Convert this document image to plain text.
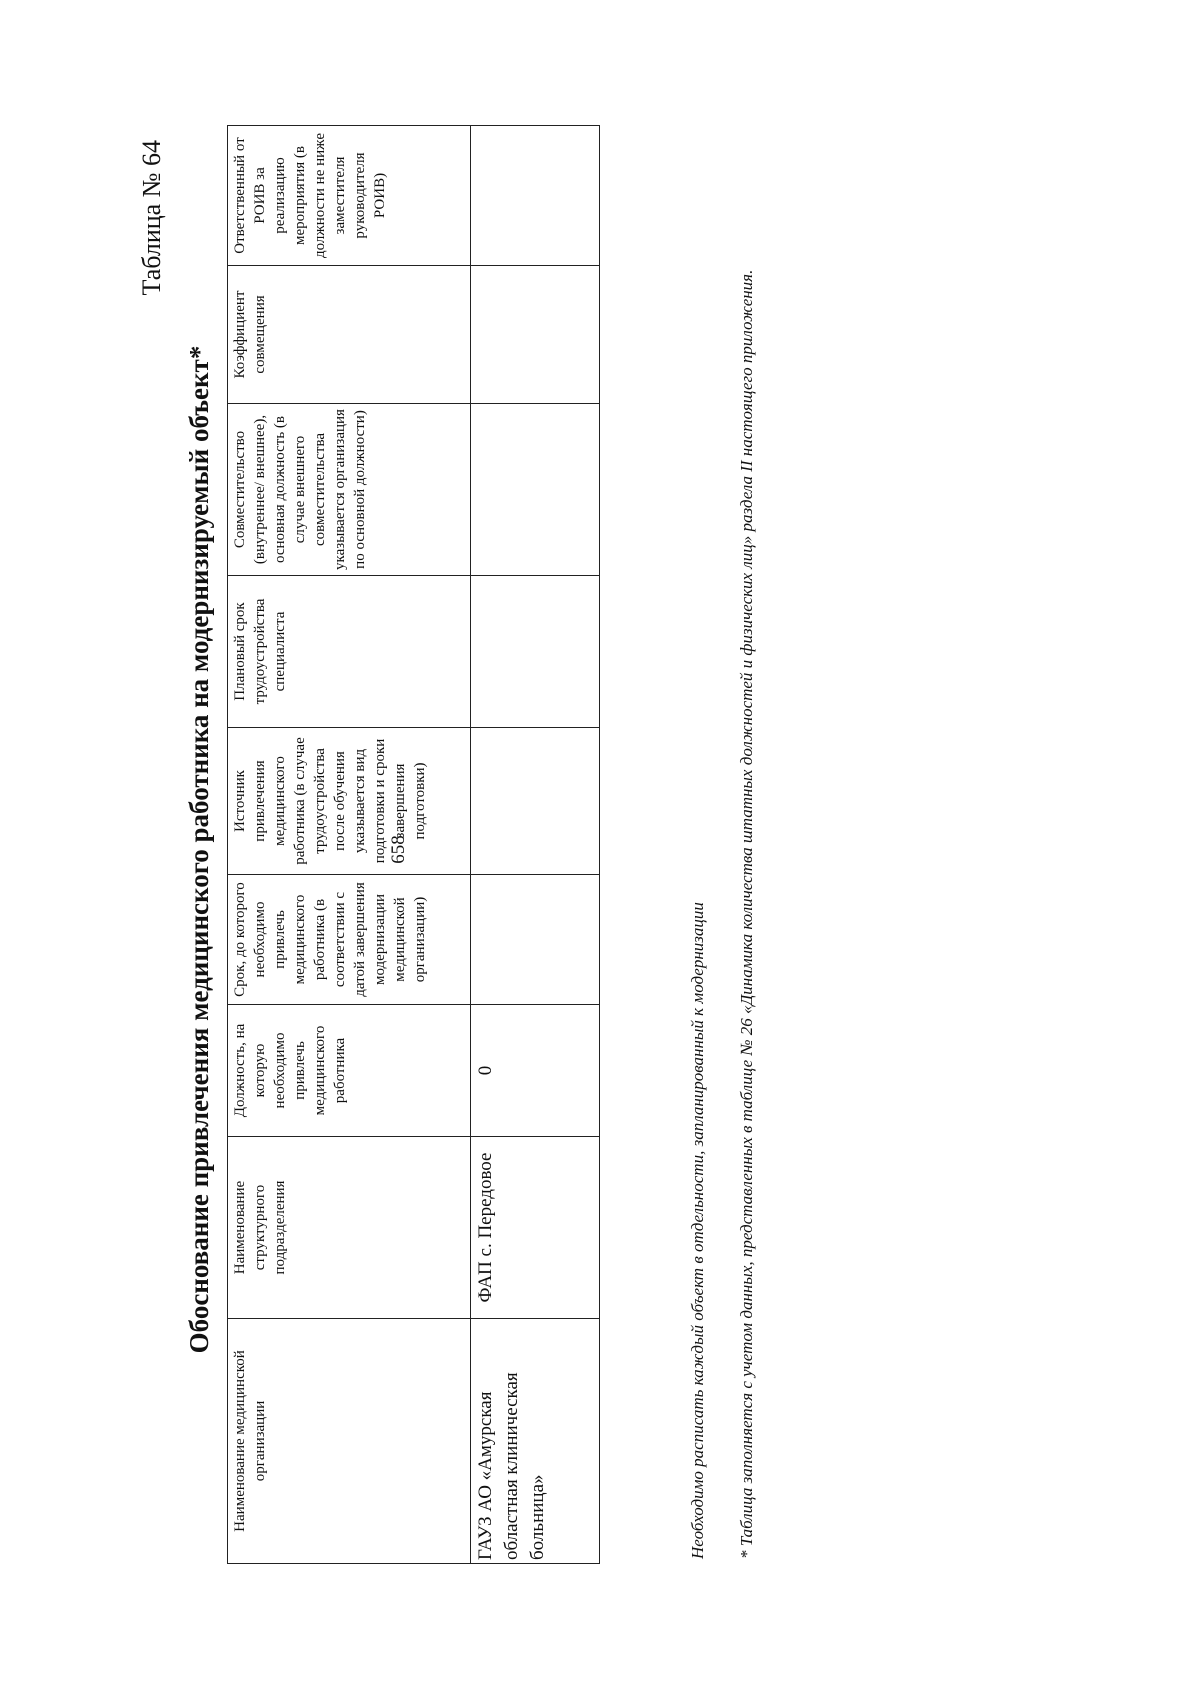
658
Таблица № 64
Обоснование привлечения медицинского работника на модернизируемый объект*
Наименование медицинской организации	Наименование структурного подразделения	Должность, на которую необходимо привлечь медицинского работника	Срок, до которого необходимо привлечь медицинского работника (в соответствии с датой завершения модернизации медицинской организации)	Источник привлечения медицинского работника (в случае трудоустройства после обучения указывается вид подготовки и сроки завершения подготовки)	Плановый срок трудоустройства специалиста	Совместительство (внутреннее/ внешнее), основная должность (в случае внешнего совместительства указывается организация по основной должности)	Коэффициент совмещения	Ответственный от РОИВ за реализацию мероприятия (в должности не ниже заместителя руководителя РОИВ)
ГАУЗ АО «Амурская областная клиническая больница»	ФАП с. Передовое	0							Необходимо расписать каждый объект в отдельности, запланированный к модернизации * Таблица заполняется с учетом данных, представленных в таблице № 26 «Динамика количества штатных должностей и физических лиц» раздела II настоящего приложения.
